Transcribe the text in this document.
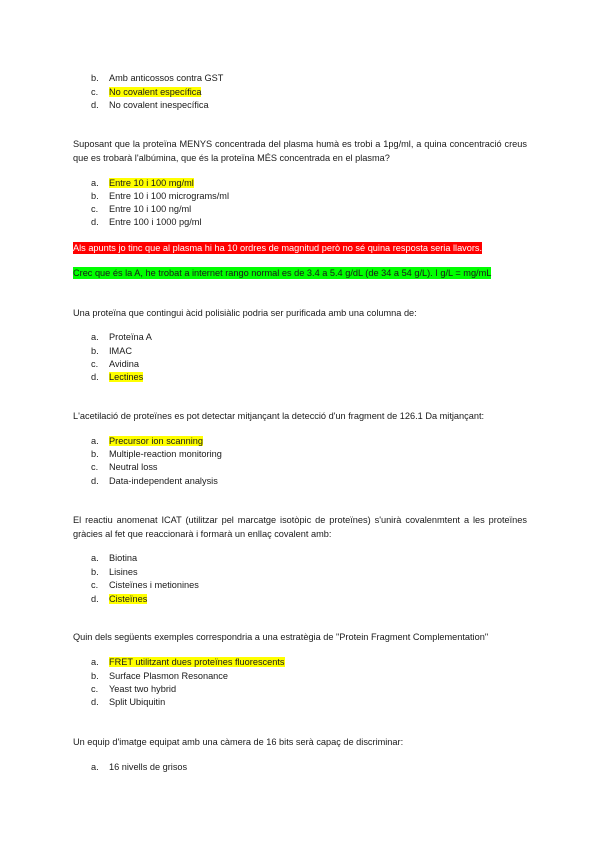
b. Amb anticossos contra GST
c. No covalent específica
d. No covalent inespecífica
Suposant que la proteïna MENYS concentrada del plasma humà es trobi a 1pg/ml, a quina concentració creus que es trobarà l'albúmina, que és la proteïna MÉS concentrada en el plasma?
a. Entre 10 i 100 mg/ml
b. Entre 10 i 100 micrograms/ml
c. Entre 10 i 100 ng/ml
d. Entre 100 i 1000 pg/ml
Als apunts jo tinc que al plasma hi ha 10 ordres de magnitud però no sé quina resposta seria llavors.
Crec que és la A, he trobat a internet rango normal es de 3.4 a 5.4 g/dL (de 34 a 54 g/L). I g/L = mg/mL
Una proteïna que contingui àcid polisiàlic podria ser purificada amb una columna de:
a. Proteïna A
b. IMAC
c. Avidina
d. Lectines
L'acetilació de proteïnes es pot detectar mitjançant la detecció d'un fragment de 126.1 Da mitjançant:
a. Precursor ion scanning
b. Multiple-reaction monitoring
c. Neutral loss
d. Data-independent analysis
El reactiu anomenat ICAT (utilitzar pel marcatge isotòpic de proteïnes) s'unirà covalenmtent a les proteïnes gràcies al fet que reaccionarà i formarà un enllaç covalent amb:
a. Biotina
b. Lisines
c. Cisteïnes i metionines
d. Cisteïnes
Quin dels següents exemples correspondria a una estratègia de "Protein Fragment Complementation"
a. FRET utilitzant dues proteïnes fluorescents
b. Surface Plasmon Resonance
c. Yeast two hybrid
d. Split Ubiquitin
Un equip d'imatge equipat amb una càmera de 16 bits serà capaç de discriminar:
a. 16 nivells de grisos
